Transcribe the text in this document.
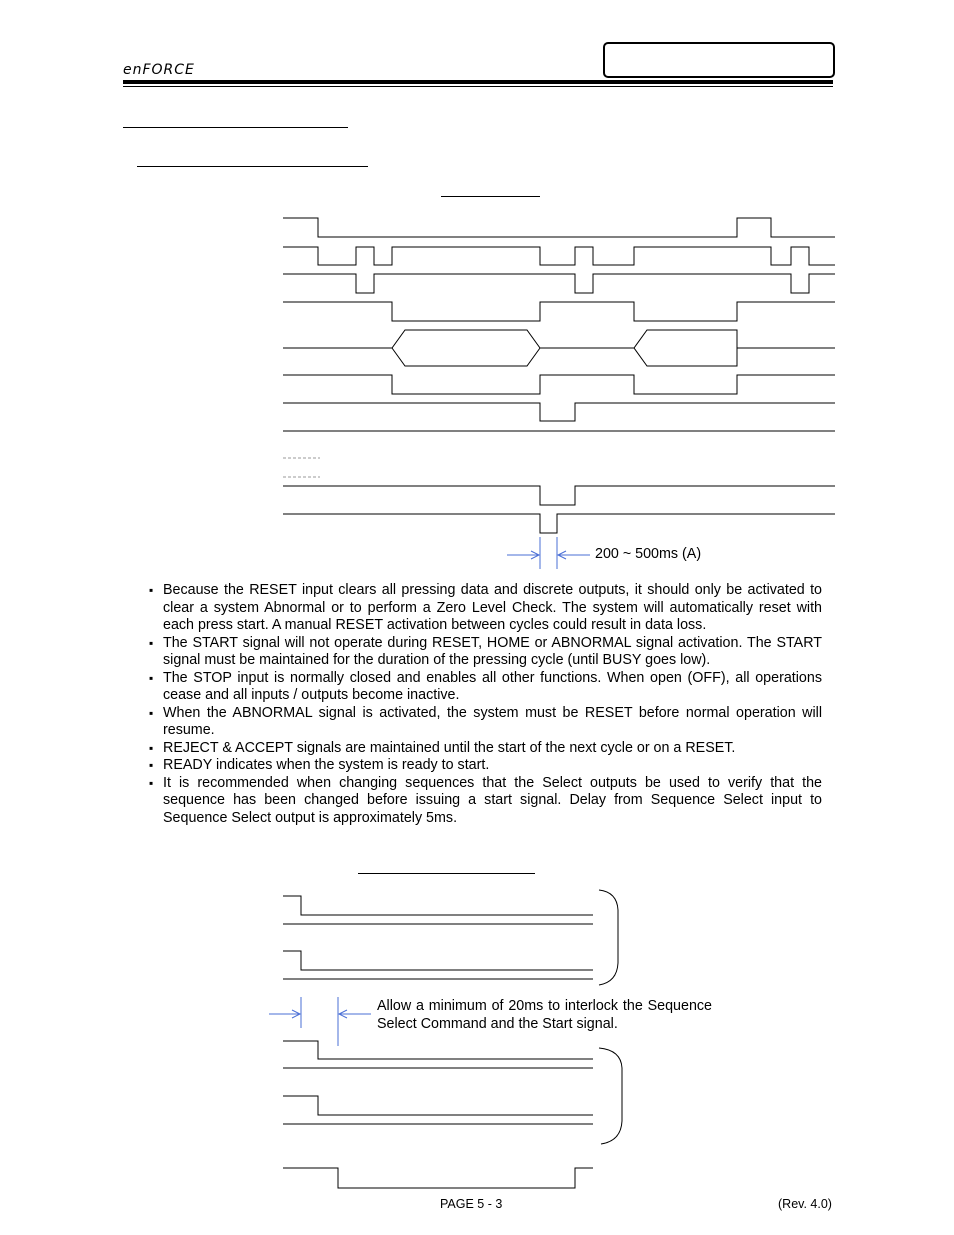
enFORCE
200 ~ 500ms (A)
▪ Because the RESET input clears all pressing data and discrete outputs, it should only be activated to clear a system Abnormal or to perform a Zero Level Check. The system will automatically reset with each press start. A manual RESET activation between cycles could result in data loss.
▪ The START signal will not operate during RESET, HOME or ABNORMAL signal activation. The START signal must be maintained for the duration of the pressing cycle (until BUSY goes low).
▪ The STOP input is normally closed and enables all other functions. When open (OFF), all operations cease and all inputs / outputs become inactive.
▪ When the ABNORMAL signal is activated, the system must be RESET before normal operation will resume.
▪ REJECT & ACCEPT signals are maintained until the start of the next cycle or on a RESET.
▪ READY indicates when the system is ready to start.
▪ It is recommended when changing sequences that the Select outputs be used to verify that the sequence has been changed before issuing a start signal. Delay from Sequence Select input to Sequence Select output is approximately 5ms.
Allow a minimum of 20ms to interlock the Sequence Select Command and the Start signal.
PAGE 5 - 3	(Rev. 4.0)
